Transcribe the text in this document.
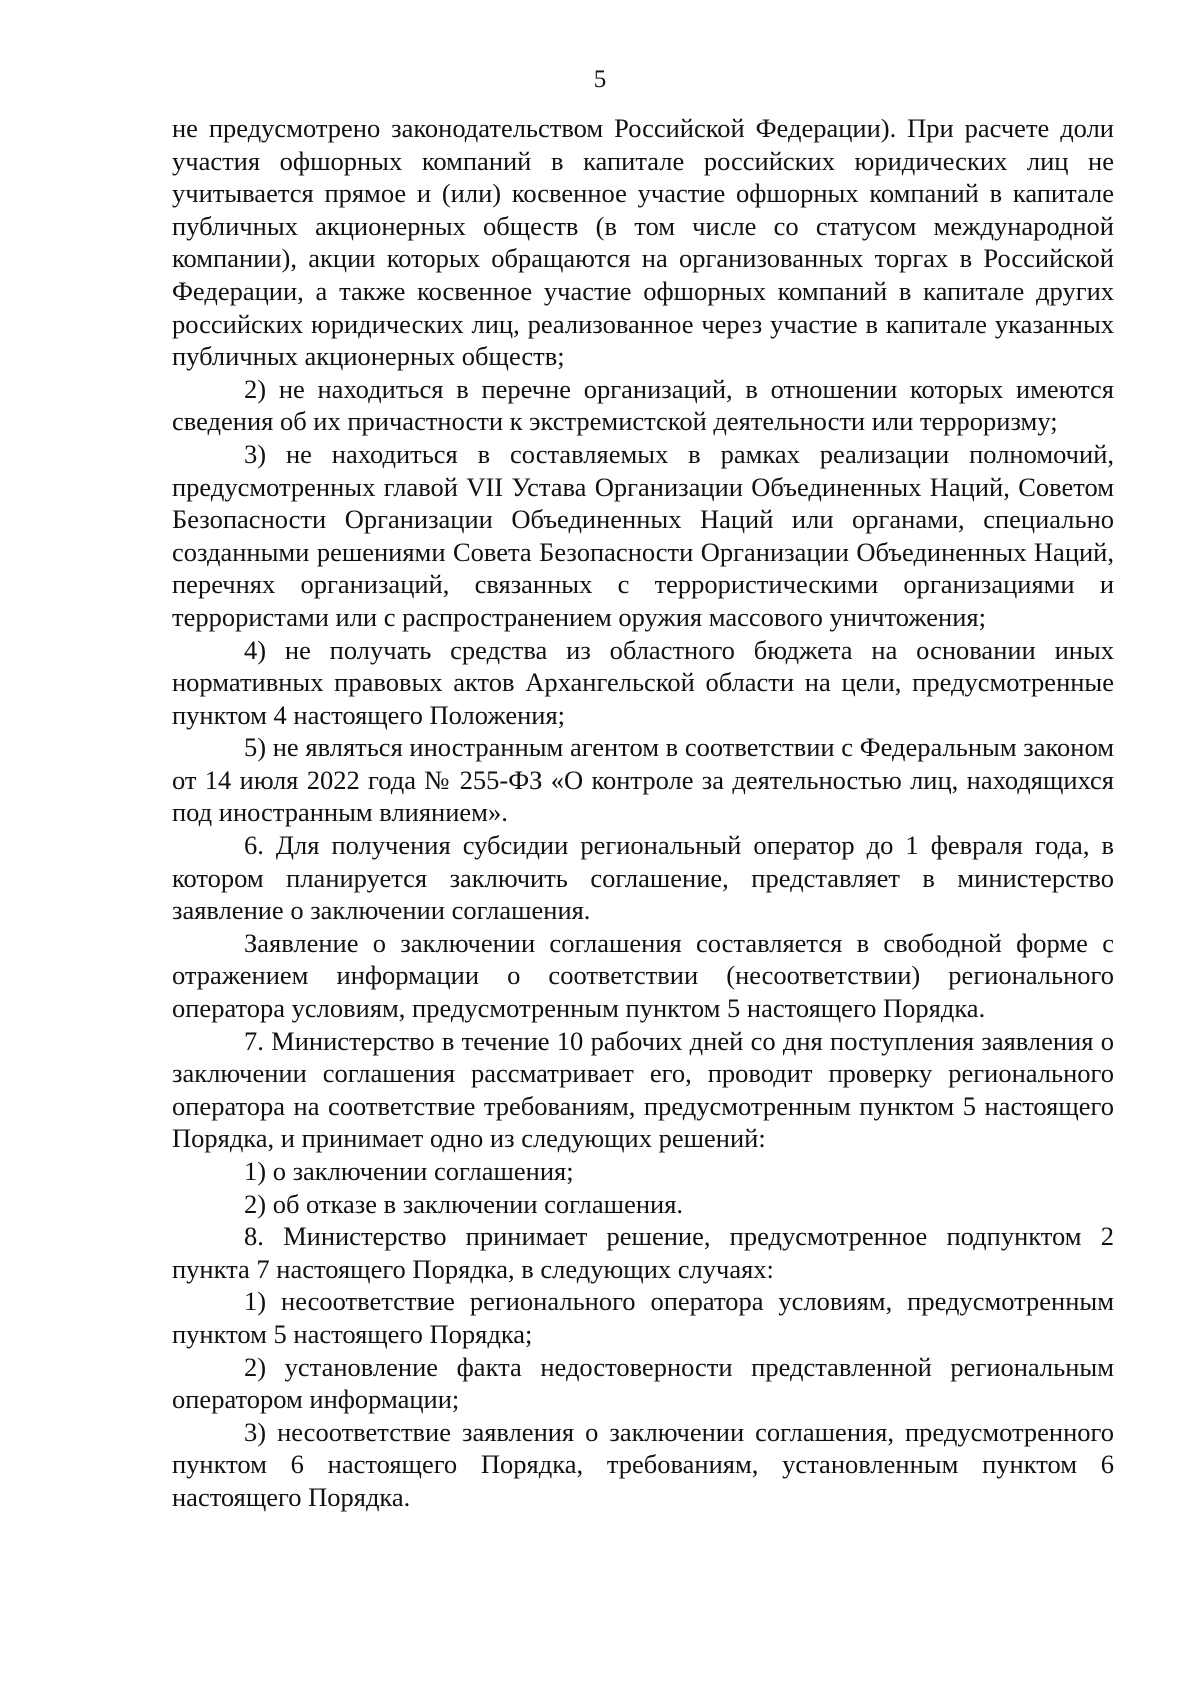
5

не предусмотрено законодательством Российской Федерации). При расчете доли участия офшорных компаний в капитале российских юридических лиц не учитывается прямое и (или) косвенное участие офшорных компаний в капитале публичных акционерных обществ (в том числе со статусом международной компании), акции которых обращаются на организованных торгах в Российской Федерации, а также косвенное участие офшорных компаний в капитале других российских юридических лиц, реализованное через участие в капитале указанных публичных акционерных обществ;

2) не находиться в перечне организаций, в отношении которых имеются сведения об их причастности к экстремистской деятельности или терроризму;

3) не находиться в составляемых в рамках реализации полномочий, предусмотренных главой VII Устава Организации Объединенных Наций, Советом Безопасности Организации Объединенных Наций или органами, специально созданными решениями Совета Безопасности Организации Объединенных Наций, перечнях организаций, связанных с террористическими организациями и террористами или с распространением оружия массового уничтожения;

4) не получать средства из областного бюджета на основании иных нормативных правовых актов Архангельской области на цели, предусмотренные пунктом 4 настоящего Положения;

5) не являться иностранным агентом в соответствии с Федеральным законом от 14 июля 2022 года № 255-ФЗ «О контроле за деятельностью лиц, находящихся под иностранным влиянием».

6. Для получения субсидии региональный оператор до 1 февраля года, в котором планируется заключить соглашение, представляет в министерство заявление о заключении соглашения.

Заявление о заключении соглашения составляется в свободной форме с отражением информации о соответствии (несоответствии) регионального оператора условиям, предусмотренным пунктом 5 настоящего Порядка.

7. Министерство в течение 10 рабочих дней со дня поступления заявления о заключении соглашения рассматривает его, проводит проверку регионального оператора на соответствие требованиям, предусмотренным пунктом 5 настоящего Порядка, и принимает одно из следующих решений:

1) о заключении соглашения;

2) об отказе в заключении соглашения.

8. Министерство принимает решение, предусмотренное подпунктом 2 пункта 7 настоящего Порядка, в следующих случаях:

1) несоответствие регионального оператора условиям, предусмотренным пунктом 5 настоящего Порядка;

2) установление факта недостоверности представленной региональным оператором информации;

3) несоответствие заявления о заключении соглашения, предусмотренного пунктом 6 настоящего Порядка, требованиям, установленным пунктом 6 настоящего Порядка.
